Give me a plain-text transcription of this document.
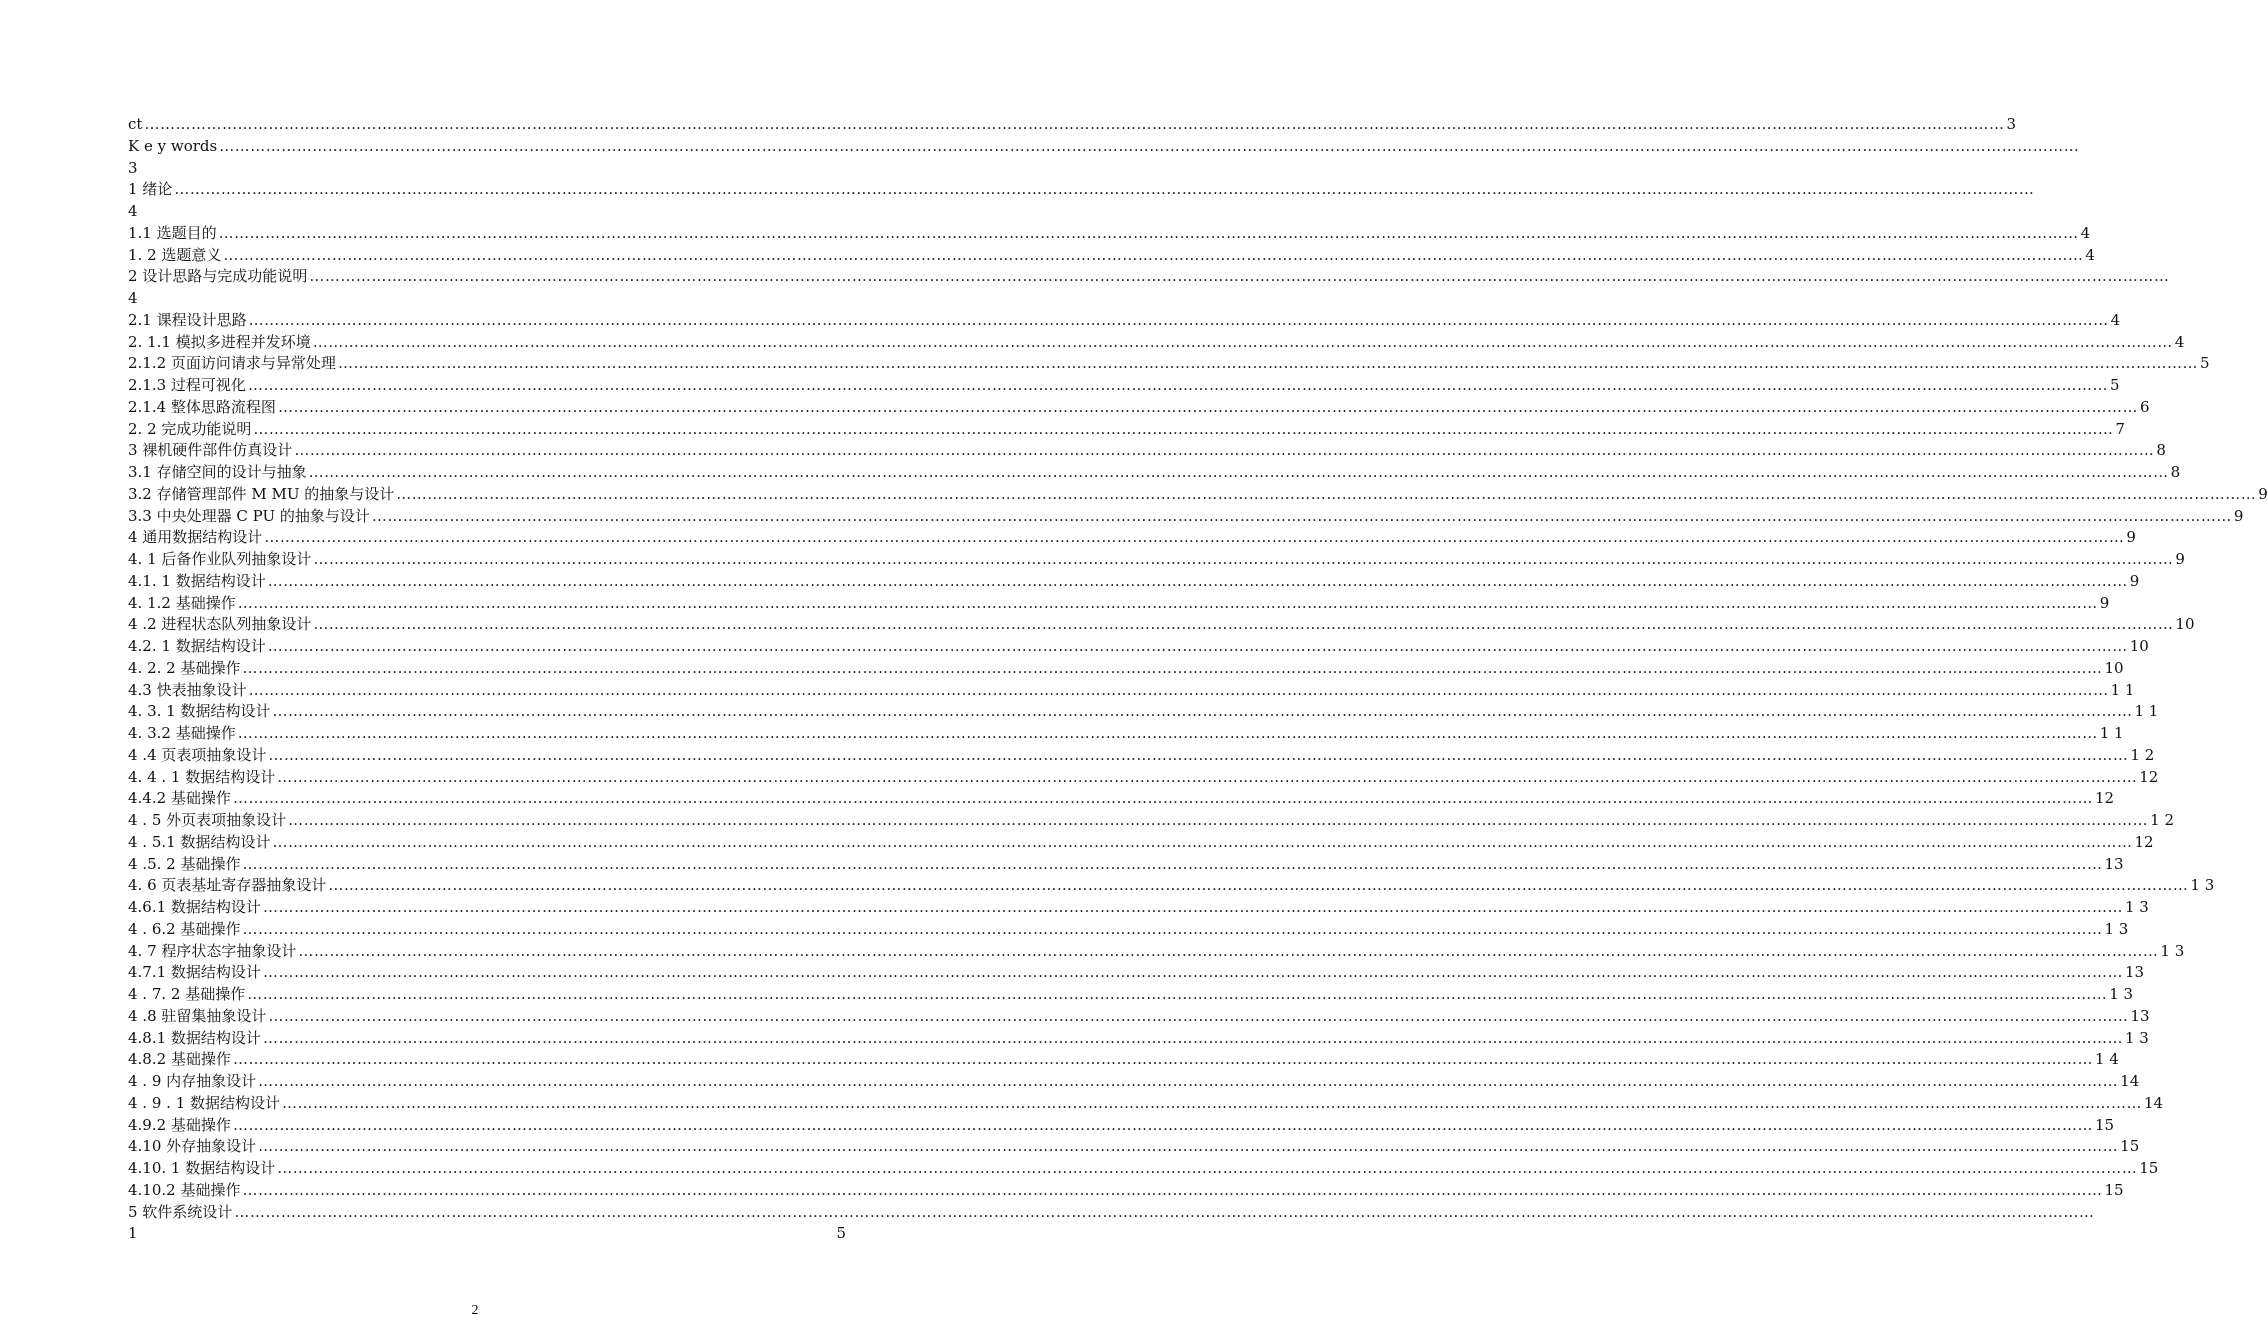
ct ……………………………………………………………………………………………………………………………………………………………………………………………………………………………………………………………………………………………………………………………… 3
K e y words ………………………………………………………………………………………………………………………………………………………………………………………………………………………………………………………………………………………………………………………………
3
1 绪论 ………………………………………………………………………………………………………………………………………………………………………………………………………………………………………………………………………………………………………………………………
4
1.1 选题目的 ……………………………………………………………………………………………………………………………………………………………………………………………………………………………………………………………………………………………………………………………… 4
1. 2 选题意义 ……………………………………………………………………………………………………………………………………………………………………………………………………………………………………………………………………………………………………………………………… 4
2 设计思路与完成功能说明 ………………………………………………………………………………………………………………………………………………………………………………………………………………………………………………………………………………………………………………………………
4
2.1 课程设计思路 ……………………………………………………………………………………………………………………………………………………………………………………………………………………………………………………………………………………………………………………………… 4
2. 1.1 模拟多进程并发环境 ……………………………………………………………………………………………………………………………………………………………………………………………………………………………………………………………………………………………………………………………… 4
2.1.2 页面访问请求与异常处理 ……………………………………………………………………………………………………………………………………………………………………………………………………………………………………………………………………………………………………………………………… 5
2.1.3 过程可视化 ……………………………………………………………………………………………………………………………………………………………………………………………………………………………………………………………………………………………………………………………… 5
2.1.4 整体思路流程图 ……………………………………………………………………………………………………………………………………………………………………………………………………………………………………………………………………………………………………………………………… 6
2. 2 完成功能说明 ……………………………………………………………………………………………………………………………………………………………………………………………………………………………………………………………………………………………………………………………… 7
3 裸机硬件部件仿真设计 ……………………………………………………………………………………………………………………………………………………………………………………………………………………………………………………………………………………………………………………………… 8
3.1 存储空间的设计与抽象 ……………………………………………………………………………………………………………………………………………………………………………………………………………………………………………………………………………………………………………………………… 8
3.2 存储管理部件 M MU 的抽象与设计 ……………………………………………………………………………………………………………………………………………………………………………………………………………………………………………………………………………………………………………………………… 9
3.3 中央处理器 C PU 的抽象与设计 ……………………………………………………………………………………………………………………………………………………………………………………………………………………………………………………………………………………………………………………………… 9
4 通用数据结构设计 ……………………………………………………………………………………………………………………………………………………………………………………………………………………………………………………………………………………………………………………………… 9
4. 1 后备作业队列抽象设计 ……………………………………………………………………………………………………………………………………………………………………………………………………………………………………………………………………………………………………………………………… 9
4.1. 1 数据结构设计 ……………………………………………………………………………………………………………………………………………………………………………………………………………………………………………………………………………………………………………………………… 9
4. 1.2 基础操作 ……………………………………………………………………………………………………………………………………………………………………………………………………………………………………………………………………………………………………………………………… 9
4 .2 进程状态队列抽象设计 ……………………………………………………………………………………………………………………………………………………………………………………………………………………………………………………………………………………………………………………………… 10
4.2. 1 数据结构设计 ……………………………………………………………………………………………………………………………………………………………………………………………………………………………………………………………………………………………………………………………… 10
4. 2. 2 基础操作 ……………………………………………………………………………………………………………………………………………………………………………………………………………………………………………………………………………………………………………………………… 10
4.3 快表抽象设计 ……………………………………………………………………………………………………………………………………………………………………………………………………………………………………………………………………………………………………………………………… 1 1
4. 3. 1 数据结构设计 ……………………………………………………………………………………………………………………………………………………………………………………………………………………………………………………………………………………………………………………………… 1 1
4. 3.2 基础操作 ……………………………………………………………………………………………………………………………………………………………………………………………………………………………………………………………………………………………………………………………… 1 1
4 .4 页表项抽象设计 ……………………………………………………………………………………………………………………………………………………………………………………………………………………………………………………………………………………………………………………………… 1 2
4. 4 . 1 数据结构设计 ……………………………………………………………………………………………………………………………………………………………………………………………………………………………………………………………………………………………………………………………… 12
4.4.2 基础操作 ……………………………………………………………………………………………………………………………………………………………………………………………………………………………………………………………………………………………………………………………… 12
4 . 5 外页表项抽象设计 ……………………………………………………………………………………………………………………………………………………………………………………………………………………………………………………………………………………………………………………………… 1 2
4 . 5.1 数据结构设计 ……………………………………………………………………………………………………………………………………………………………………………………………………………………………………………………………………………………………………………………………… 12
4 .5. 2 基础操作 ……………………………………………………………………………………………………………………………………………………………………………………………………………………………………………………………………………………………………………………………… 13
4. 6 页表基址寄存器抽象设计 ……………………………………………………………………………………………………………………………………………………………………………………………………………………………………………………………………………………………………………………………… 1 3
4.6.1 数据结构设计 ……………………………………………………………………………………………………………………………………………………………………………………………………………………………………………………………………………………………………………………………… 1 3
4 . 6.2 基础操作 ……………………………………………………………………………………………………………………………………………………………………………………………………………………………………………………………………………………………………………………………… 1 3
4. 7 程序状态字抽象设计 ……………………………………………………………………………………………………………………………………………………………………………………………………………………………………………………………………………………………………………………………… 1 3
4.7.1 数据结构设计 ……………………………………………………………………………………………………………………………………………………………………………………………………………………………………………………………………………………………………………………………… 13
4 . 7. 2 基础操作 ……………………………………………………………………………………………………………………………………………………………………………………………………………………………………………………………………………………………………………………………… 1 3
4 .8 驻留集抽象设计 ……………………………………………………………………………………………………………………………………………………………………………………………………………………………………………………………………………………………………………………………… 13
4.8.1 数据结构设计 ……………………………………………………………………………………………………………………………………………………………………………………………………………………………………………………………………………………………………………………………… 1 3
4.8.2 基础操作 ……………………………………………………………………………………………………………………………………………………………………………………………………………………………………………………………………………………………………………………………… 1 4
4 . 9 内存抽象设计 ……………………………………………………………………………………………………………………………………………………………………………………………………………………………………………………………………………………………………………………………… 14
4 . 9 . 1 数据结构设计 ……………………………………………………………………………………………………………………………………………………………………………………………………………………………………………………………………………………………………………………………… 14
4.9.2 基础操作 ……………………………………………………………………………………………………………………………………………………………………………………………………………………………………………………………………………………………………………………………… 15
4.10 外存抽象设计 ……………………………………………………………………………………………………………………………………………………………………………………………………………………………………………………………………………………………………………………………… 15
4.10. 1 数据结构设计 ……………………………………………………………………………………………………………………………………………………………………………………………………………………………………………………………………………………………………………………………… 15
4.10.2 基础操作 ……………………………………………………………………………………………………………………………………………………………………………………………………………………………………………………………………………………………………………………………… 15
5 软件系统设计 ………………………………………………………………………………………………………………………………………………………………………………………………………………………………………………………………………………………………………………………………
1	5
2
